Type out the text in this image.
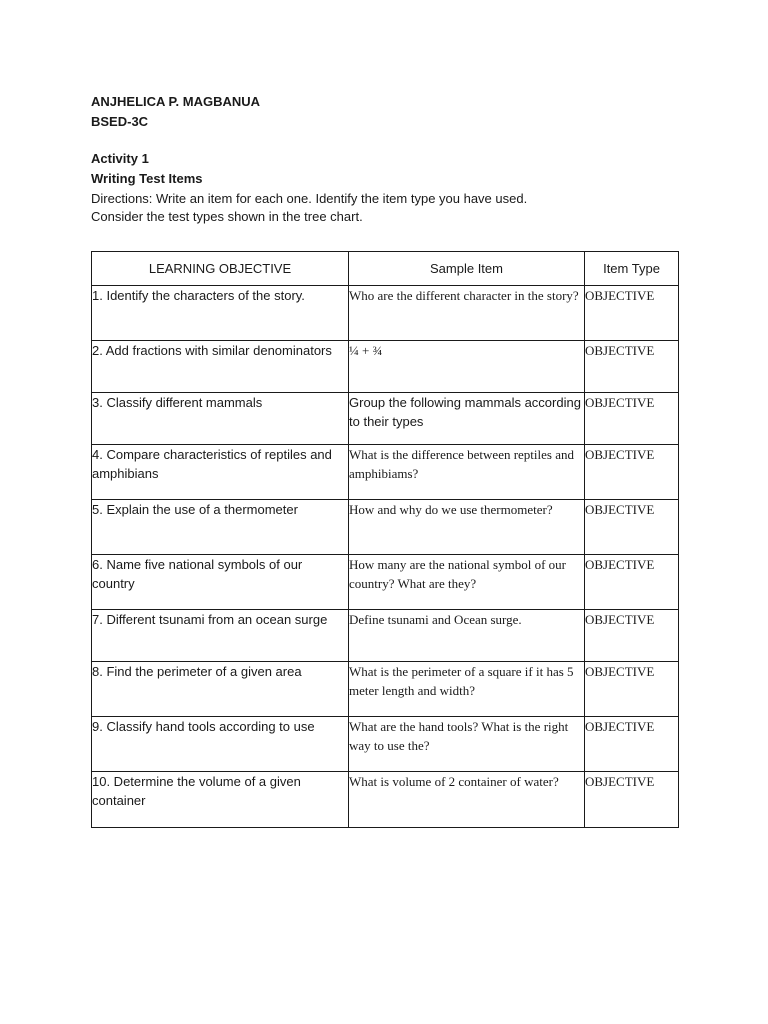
ANJHELICA P. MAGBANUA
BSED-3C
Activity 1
Writing Test Items
Directions: Write an item for each one. Identify the item type you have used.
Consider the test types shown in the tree chart.
LEARNING OBJECTIVE	Sample Item	Item Type
1. Identify the characters of the story.	Who are the different character in the story?	OBJECTIVE
2. Add fractions with similar denominators	¼ + ¾	OBJECTIVE
3. Classify different mammals	Group the following mammals according to their types	OBJECTIVE
4. Compare characteristics of reptiles and amphibians	What is the difference between reptiles and amphibiams?	OBJECTIVE
5. Explain the use of a thermometer	How and why do we use thermometer?	OBJECTIVE
6. Name five national symbols of our country	How many are the national symbol of our country? What are they?	OBJECTIVE
7. Different tsunami from an ocean surge	Define tsunami and Ocean surge.	OBJECTIVE
8. Find the perimeter of a given area	What is the perimeter of a square if it has 5 meter length and width?	OBJECTIVE
9. Classify hand tools according to use	What are the hand tools? What is the right way to use the?	OBJECTIVE
10. Determine the volume of a given container	What is volume of 2 container of water?	OBJECTIVE
